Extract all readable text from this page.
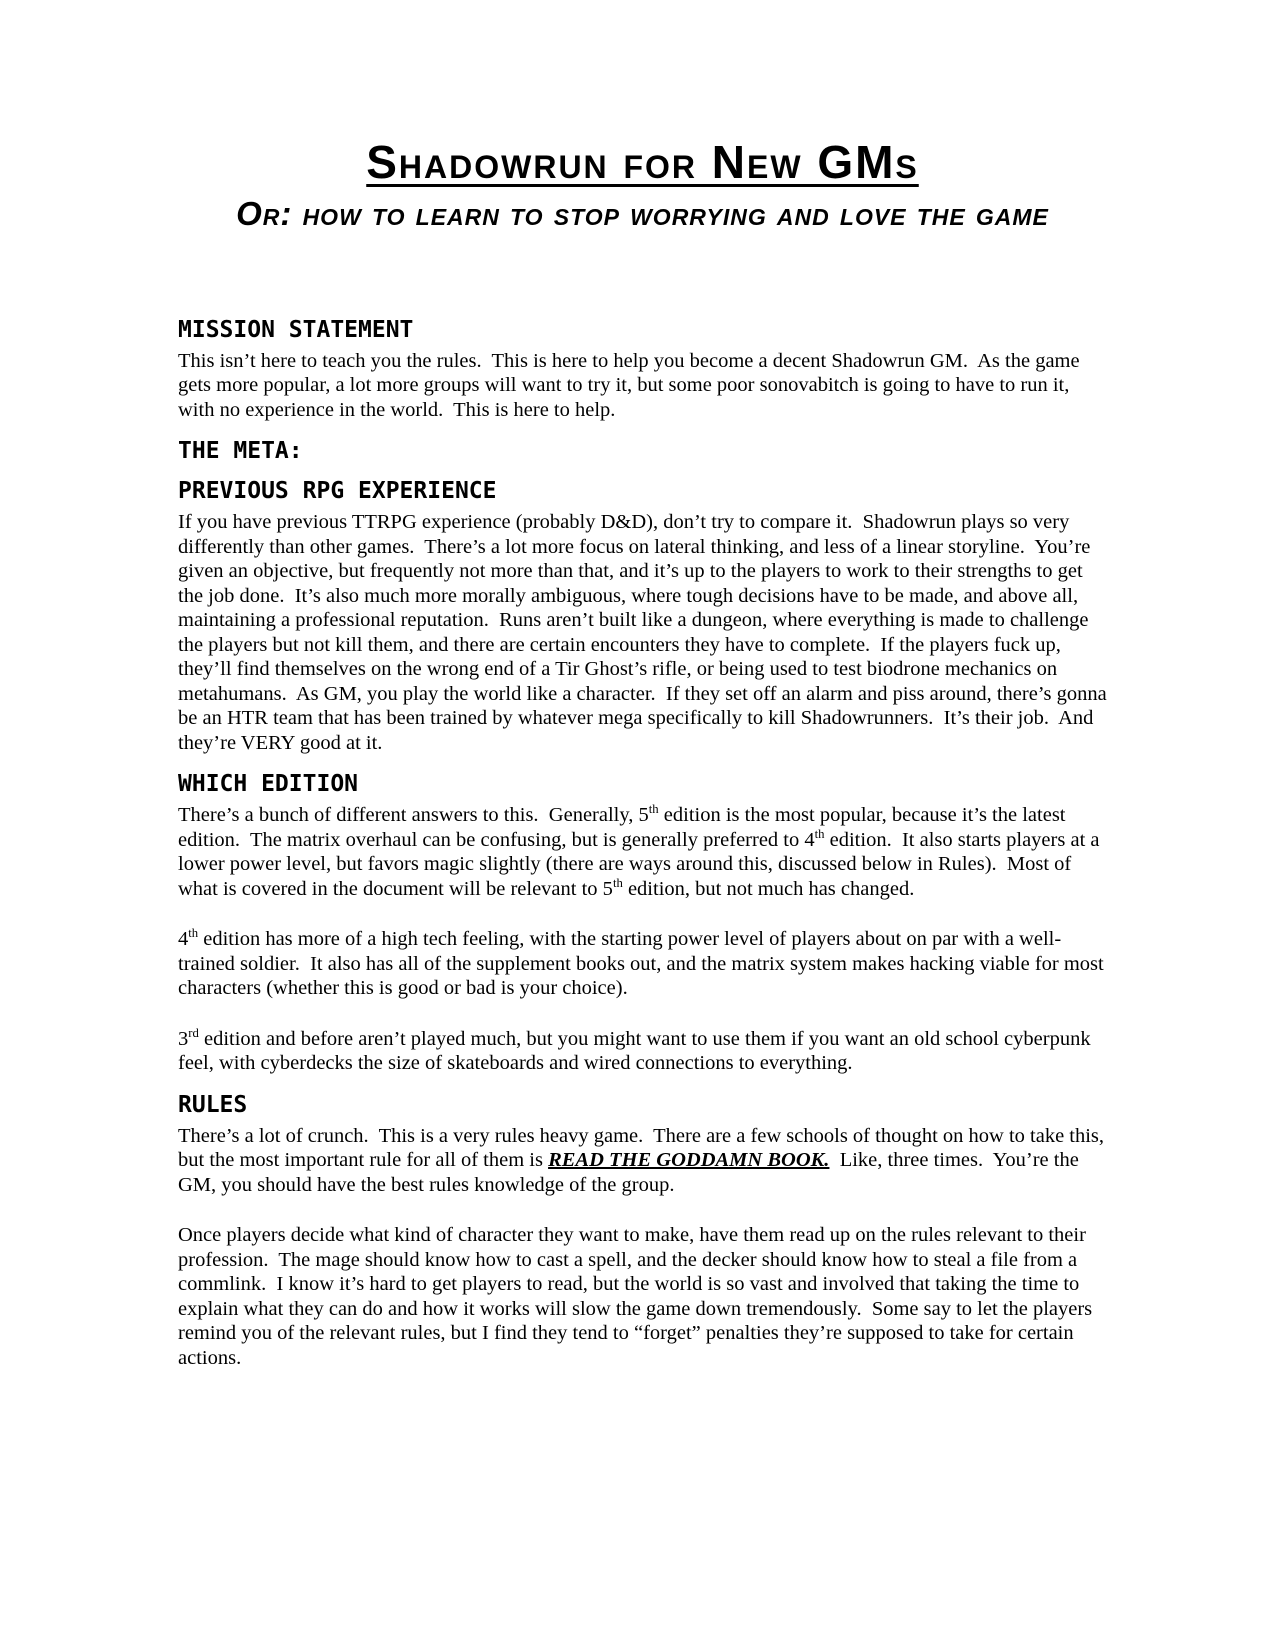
Shadowrun for New GMs
Or: how to learn to stop worrying and love the game
MISSION STATEMENT

This isn’t here to teach you the rules.  This is here to help you become a decent Shadowrun GM.  As the game gets more popular, a lot more groups will want to try it, but some poor sonovabitch is going to have to run it, with no experience in the world.  This is here to help.

THE META:
PREVIOUS RPG EXPERIENCE

If you have previous TTRPG experience (probably D&D), don’t try to compare it.  Shadowrun plays so very differently than other games.  There’s a lot more focus on lateral thinking, and less of a linear storyline.  You’re given an objective, but frequently not more than that, and it’s up to the players to work to their strengths to get the job done.  It’s also much more morally ambiguous, where tough decisions have to be made, and above all, maintaining a professional reputation.  Runs aren’t built like a dungeon, where everything is made to challenge the players but not kill them, and there are certain encounters they have to complete.  If the players fuck up, they’ll find themselves on the wrong end of a Tir Ghost’s rifle, or being used to test biodrone mechanics on metahumans.  As GM, you play the world like a character.  If they set off an alarm and piss around, there’s gonna be an HTR team that has been trained by whatever mega specifically to kill Shadowrunners.  It’s their job.  And they’re VERY good at it.

WHICH EDITION

There’s a bunch of different answers to this.  Generally, 5th edition is the most popular, because it’s the latest edition.  The matrix overhaul can be confusing, but is generally preferred to 4th edition.  It also starts players at a lower power level, but favors magic slightly (there are ways around this, discussed below in Rules).  Most of what is covered in the document will be relevant to 5th edition, but not much has changed.

4th edition has more of a high tech feeling, with the starting power level of players about on par with a well-trained soldier.  It also has all of the supplement books out, and the matrix system makes hacking viable for most characters (whether this is good or bad is your choice).

3rd edition and before aren’t played much, but you might want to use them if you want an old school cyberpunk feel, with cyberdecks the size of skateboards and wired connections to everything.

RULES

There’s a lot of crunch.  This is a very rules heavy game.  There are a few schools of thought on how to take this, but the most important rule for all of them is READ THE GODDAMN BOOK.  Like, three times.  You’re the GM, you should have the best rules knowledge of the group.

Once players decide what kind of character they want to make, have them read up on the rules relevant to their profession.  The mage should know how to cast a spell, and the decker should know how to steal a file from a commlink.  I know it’s hard to get players to read, but the world is so vast and involved that taking the time to explain what they can do and how it works will slow the game down tremendously.  Some say to let the players remind you of the relevant rules, but I find they tend to “forget” penalties they’re supposed to take for certain actions.
